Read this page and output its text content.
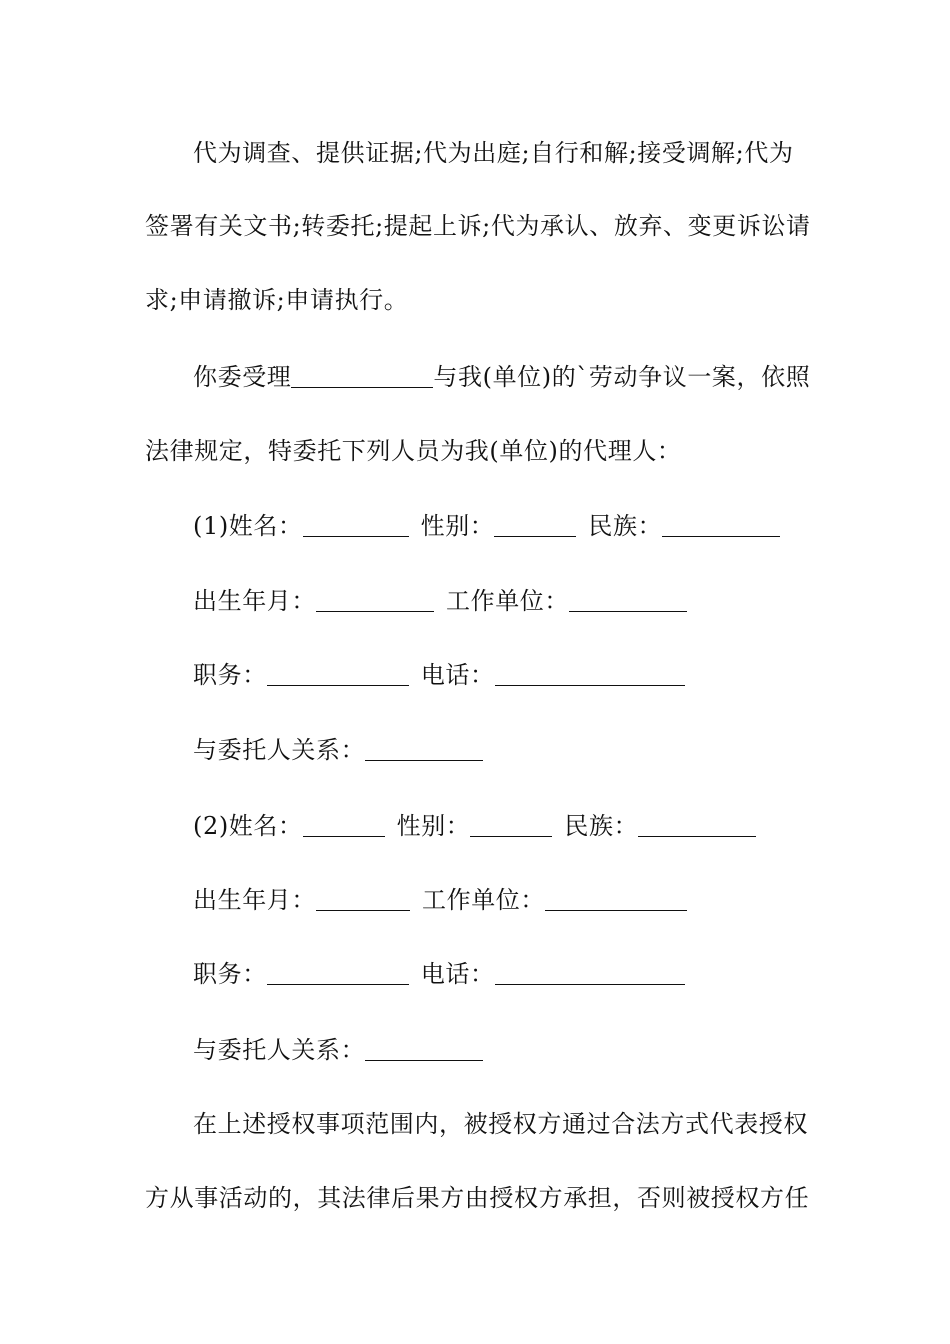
代为调查、提供证据;代为出庭;自行和解;接受调解;代为
签署有关文书;转委托;提起上诉;代为承认、放弃、变更诉讼请
求;申请撤诉;申请执行。
你委受理	与我(单位)的`劳动争议一案，依照
法律规定，特委托下列人员为我(单位)的代理人：
(1)姓名：	性别：	民族：
出生年月：	工作单位：
职务：	电话：
与委托人关系：
(2)姓名：	性别：	民族：
出生年月：	工作单位：
职务：	电话：
与委托人关系：
在上述授权事项范围内，被授权方通过合法方式代表授权
方从事活动的，其法律后果方由授权方承担，否则被授权方任
